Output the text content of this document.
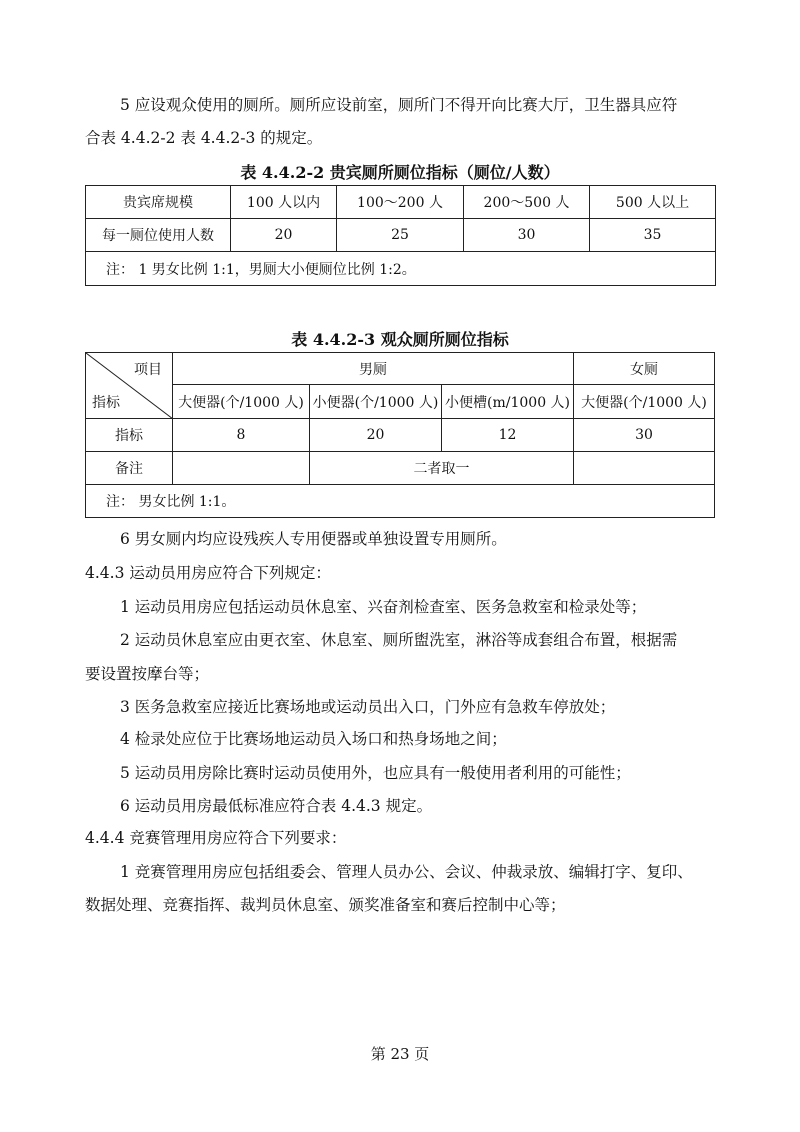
5 应设观众使用的厕所。厕所应设前室，厕所门不得开向比赛大厅，卫生器具应符
合表 4.4.2-2 表 4.4.2-3 的规定。
表 4.4.2-2 贵宾厕所厕位指标（厕位/人数）
贵宾席规模	100 人以内	100～200 人	200～500 人	500 人以上
每一厕位使用人数	20	25	30	35
注： 1 男女比例 1:1，男厕大小便厕位比例 1:2。				
表 4.4.2-3 观众厕所厕位指标
项目
指标	男厕			女厕
	大便器(个/1000 人)	小便器(个/1000 人)	小便槽(m/1000 人)	大便器(个/1000 人)
指标	8	20	12	30
备注		二者取一		
注： 男女比例 1:1。				
6 男女厕内均应设残疾人专用便器或单独设置专用厕所。
4.4.3 运动员用房应符合下列规定：
1 运动员用房应包括运动员休息室、兴奋剂检查室、医务急救室和检录处等；
2 运动员休息室应由更衣室、休息室、厕所盥洗室，淋浴等成套组合布置，根据需
要设置按摩台等；
3 医务急救室应接近比赛场地或运动员出入口，门外应有急救车停放处；
4 检录处应位于比赛场地运动员入场口和热身场地之间；
5 运动员用房除比赛时运动员使用外，也应具有一般使用者利用的可能性；
6 运动员用房最低标准应符合表 4.4.3 规定。
4.4.4 竞赛管理用房应符合下列要求：
1 竞赛管理用房应包括组委会、管理人员办公、会议、仲裁录放、编辑打字、复印、
数据处理、竞赛指挥、裁判员休息室、颁奖准备室和赛后控制中心等；
第 23 页
